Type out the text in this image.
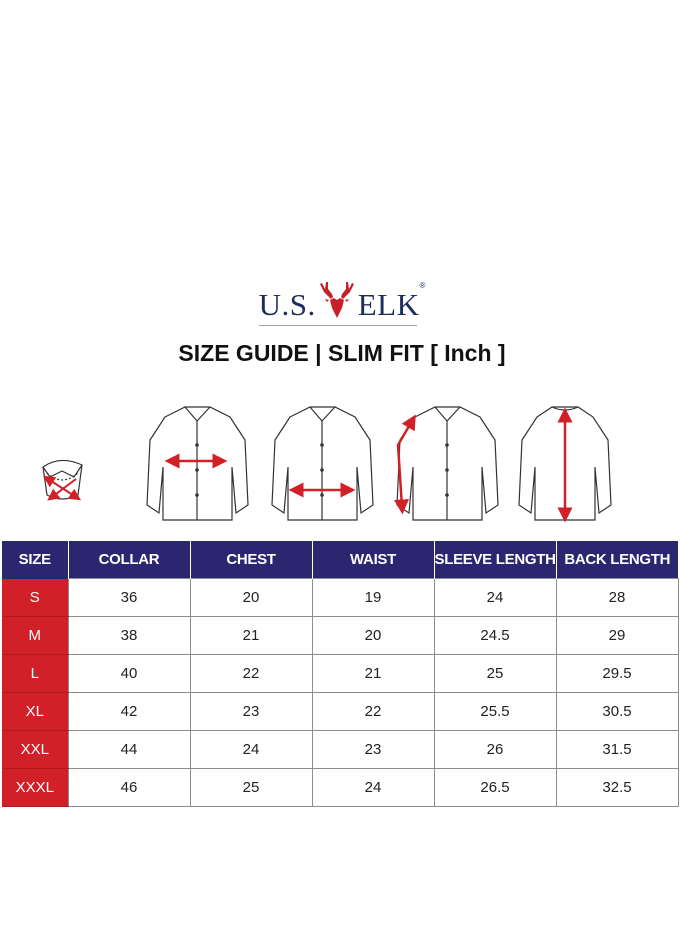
U.S. ELK
®
SIZE GUIDE | SLIM FIT [ Inch ]
SIZE	COLLAR	CHEST	WAIST	SLEEVE LENGTH	BACK LENGTH
S	36	20	19	24	28
M	38	21	20	24.5	29
L	40	22	21	25	29.5
XL	42	23	22	25.5	30.5
XXL	44	24	23	26	31.5
XXXL	46	25	24	26.5	32.5
